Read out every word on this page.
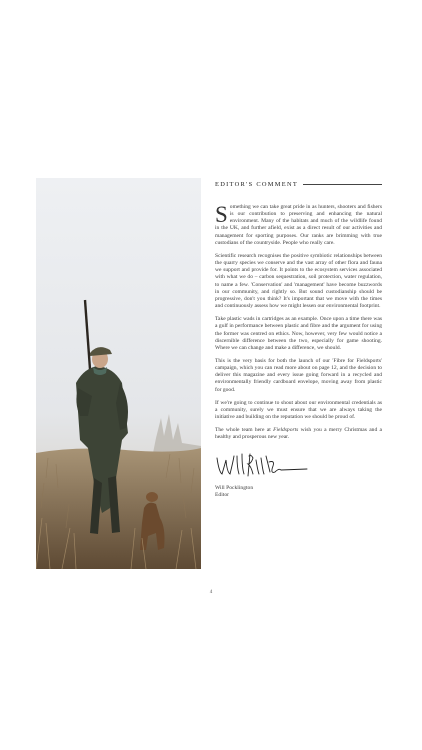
EDITOR'S COMMENT

Something we can take great pride in as hunters, shooters and fishers is our contribution to preserving and enhancing the natural environment. Many of the habitats and much of the wildlife found in the UK, and further afield, exist as a direct result of our activities and management for sporting purposes. Our ranks are brimming with true custodians of the countryside. People who really care.

Scientific research recognises the positive symbiotic relationships between the quarry species we conserve and the vast array of other flora and fauna we support and provide for. It points to the ecosystem services associated with what we do – carbon sequestration, soil protection, water regulation, to name a few. 'Conservation' and 'management' have become buzzwords in our community, and rightly so. But sound custodianship should be progressive, don't you think? It's important that we move with the times and continuously assess how we might lessen our environmental footprint.

Take plastic wads in cartridges as an example. Once upon a time there was a gulf in performance between plastic and fibre and the argument for using the former was centred on ethics. Now, however, very few would notice a discernible difference between the two, especially for game shooting. Where we can change and make a difference, we should.

This is the very basis for both the launch of our 'Fibre for Fieldsports' campaign, which you can read more about on page 12, and the decision to deliver this magazine and every issue going forward in a recycled and environmentally friendly cardboard envelope, moving away from plastic for good.

If we're going to continue to shout about our environmental credentials as a community, surely we must ensure that we are always taking the initiative and building on the reputation we should be proud of.

The whole team here at Fieldsports wish you a merry Christmas and a healthy and prosperous new year.

Will Pocklington
Editor
4
